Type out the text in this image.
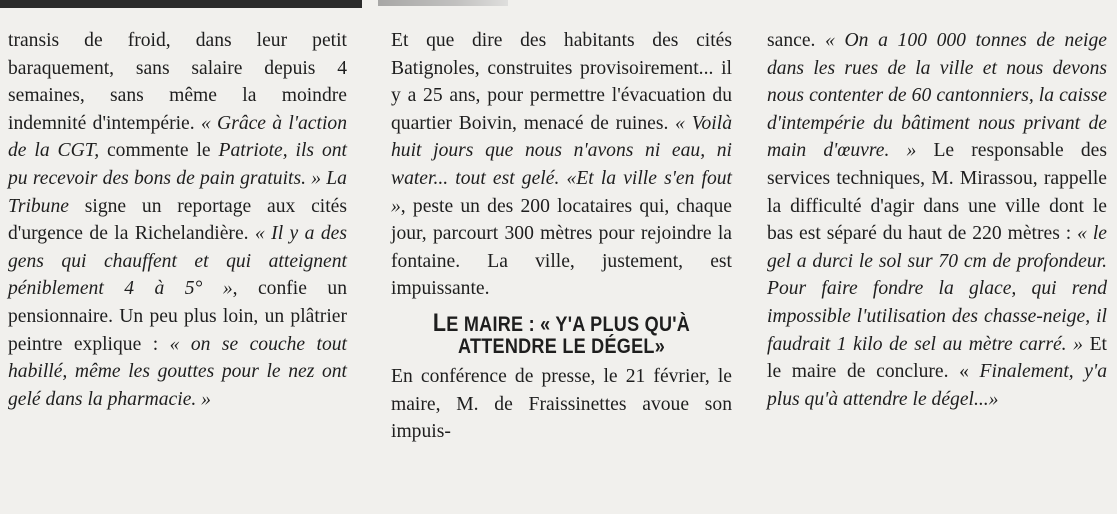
transis de froid, dans leur petit baraquement, sans salaire depuis 4 semaines, sans même la moindre indemnité d'intempérie. « Grâce à l'action de la CGT, commente le Patriote, ils ont pu recevoir des bons de pain gratuits. » La Tribune signe un reportage aux cités d'urgence de la Richelandière. « Il y a des gens qui chauffent et qui atteignent péniblement 4 à 5° », confie un pensionnaire. Un peu plus loin, un plâtrier peintre explique : « on se couche tout habillé, même les gouttes pour le nez ont gelé dans la pharmacie. »

Et que dire des habitants des cités Batignoles, construites provisoirement... il y a 25 ans, pour permettre l'évacuation du quartier Boivin, menacé de ruines. « Voilà huit jours que nous n'avons ni eau, ni water... tout est gelé. «Et la ville s'en fout », peste un des 200 locataires qui, chaque jour, parcourt 300 mètres pour rejoindre la fontaine. La ville, justement, est impuissante.

LE MAIRE : « Y'A PLUS QU'À
ATTENDRE LE DÉGEL»

En conférence de presse, le 21 février, le maire, M. de Fraissinettes avoue son impuis-

sance. « On a 100 000 tonnes de neige dans les rues de la ville et nous devons nous contenter de 60 cantonniers, la caisse d'intempérie du bâtiment nous privant de main d'œuvre. » Le responsable des services techniques, M. Mirassou, rappelle la difficulté d'agir dans une ville dont le bas est séparé du haut de 220 mètres : « le gel a durci le sol sur 70 cm de profondeur. Pour faire fondre la glace, qui rend impossible l'utilisation des chasse-neige, il faudrait 1 kilo de sel au mètre carré. » Et le maire de conclure. « Finalement, y'a plus qu'à attendre le dégel...»
